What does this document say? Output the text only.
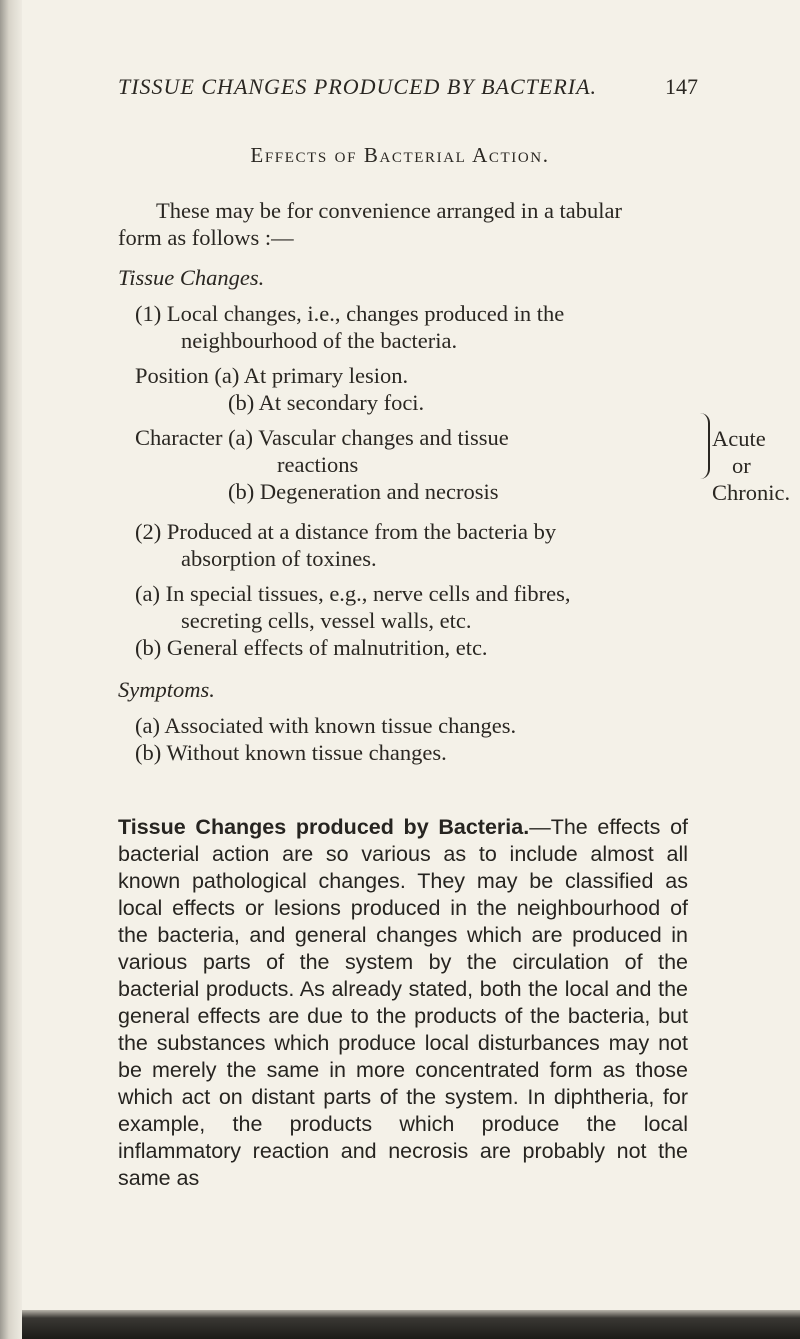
TISSUE CHANGES PRODUCED BY BACTERIA.	147
Effects of Bacterial Action.
These may be for convenience arranged in a tabular
form as follows :—
Tissue Changes.
(1) Local changes, i.e., changes produced in the
neighbourhood of the bacteria.
Position (a) At primary lesion.
(b) At secondary foci.
Character (a) Vascular changes and tissue
reactions
(b) Degeneration and necrosis
Acute
or
Chronic.
(2) Produced at a distance from the bacteria by
absorption of toxines.
(a) In special tissues, e.g., nerve cells and fibres,
secreting cells, vessel walls, etc.
(b) General effects of malnutrition, etc.
Symptoms.
(a) Associated with known tissue changes.
(b) Without known tissue changes.
Tissue Changes produced by Bacteria.—The effects of bacterial action are so various as to include almost all known pathological changes. They may be classified as local effects or lesions produced in the neighbourhood of the bacteria, and general changes which are produced in various parts of the system by the circulation of the bacterial products. As already stated, both the local and the general effects are due to the products of the bacteria, but the substances which produce local disturbances may not be merely the same in more concentrated form as those which act on distant parts of the system. In diphtheria, for example, the products which produce the local inflammatory reaction and necrosis are probably not the same as
